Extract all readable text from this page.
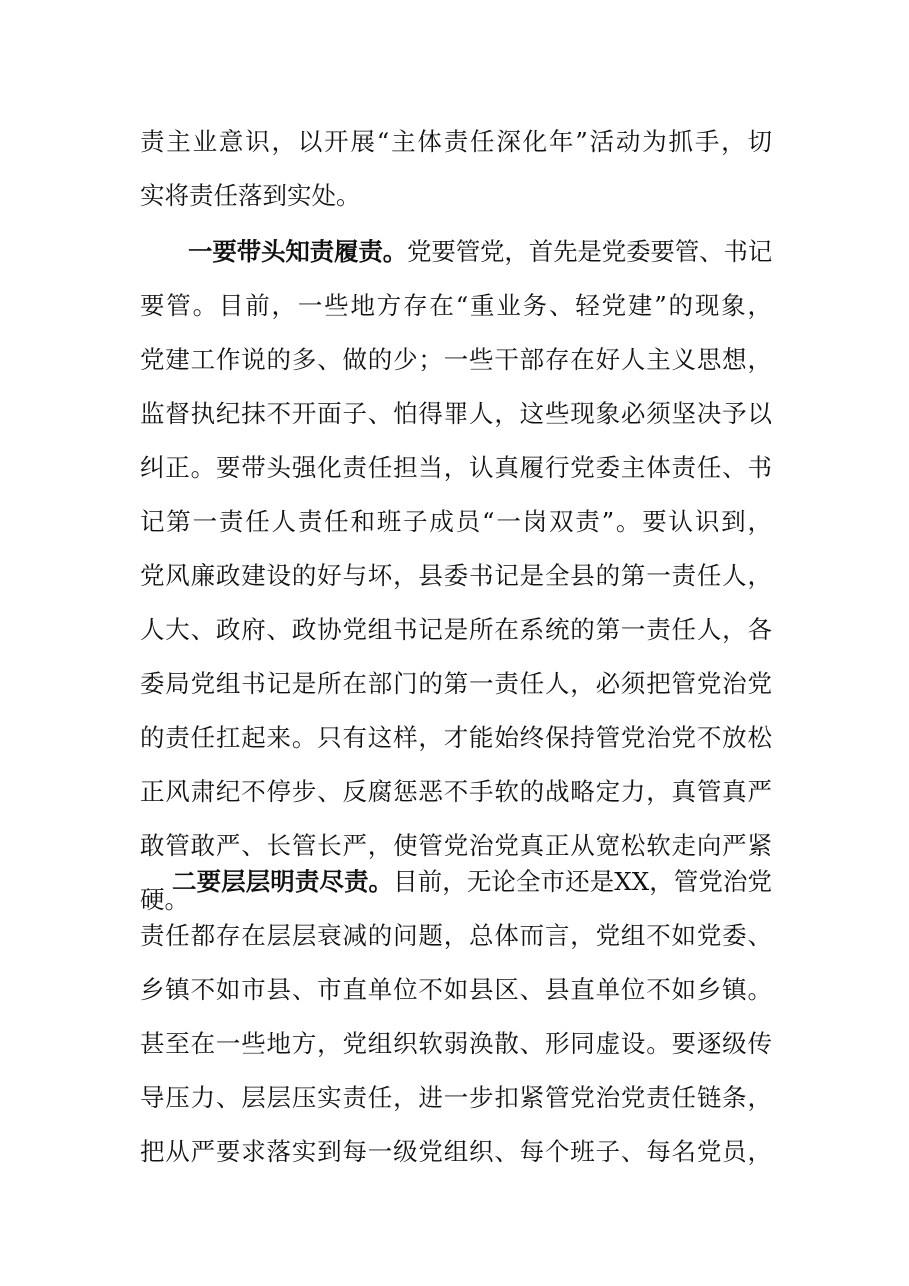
责主业意识，以开展“主体责任深化年”活动为抓手，切
实将责任落到实处。
一要带头知责履责。党要管党，首先是党委要管、书记
要管。目前，一些地方存在“重业务、轻党建”的现象，
党建工作说的多、做的少；一些干部存在好人主义思想，
监督执纪抹不开面子、怕得罪人，这些现象必须坚决予以
纠正。要带头强化责任担当，认真履行党委主体责任、书
记第一责任人责任和班子成员“一岗双责”。要认识到，
党风廉政建设的好与坏，县委书记是全县的第一责任人，
人大、政府、政协党组书记是所在系统的第一责任人，各
委局党组书记是所在部门的第一责任人，必须把管党治党
的责任扛起来。只有这样，才能始终保持管党治党不放松
正风肃纪不停步、反腐惩恶不手软的战略定力，真管真严
敢管敢严、长管长严，使管党治党真正从宽松软走向严紧
硬。
二要层层明责尽责。目前，无论全市还是XX，管党治党
责任都存在层层衰减的问题，总体而言，党组不如党委、
乡镇不如市县、市直单位不如县区、县直单位不如乡镇。
甚至在一些地方，党组织软弱涣散、形同虚设。要逐级传
导压力、层层压实责任，进一步扣紧管党治党责任链条，
把从严要求落实到每一级党组织、每个班子、每名党员，
